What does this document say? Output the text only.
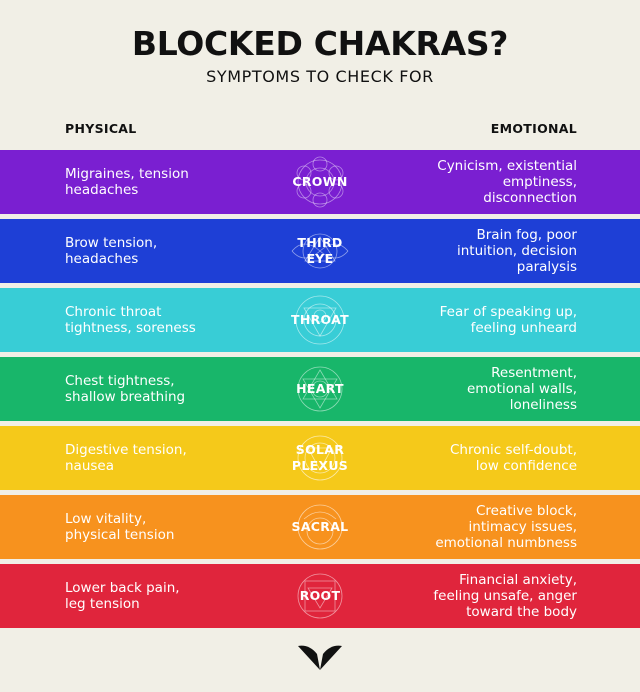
BLOCKED CHAKRAS?
SYMPTOMS TO CHECK FOR
PHYSICAL	EMOTIONAL
Migraines, tension
headaches
CROWN
Cynicism, existential
emptiness,
disconnection
Brow tension,
headaches
THIRD
EYE
Brain fog, poor
intuition, decision
paralysis
Chronic throat
tightness, soreness
THROAT	Fear of speaking up,
feeling unheard
Chest tightness,
shallow breathing
HEART
Resentment,
emotional walls,
loneliness
Digestive tension,
nausea
SOLAR
PLEXUS
Chronic self-doubt,
low confidence
Low vitality,
physical tension
SACRAL
Creative block,
intimacy issues,
emotional numbness
Lower back pain,
leg tension
ROOT
Financial anxiety,
feeling unsafe, anger
toward the body
